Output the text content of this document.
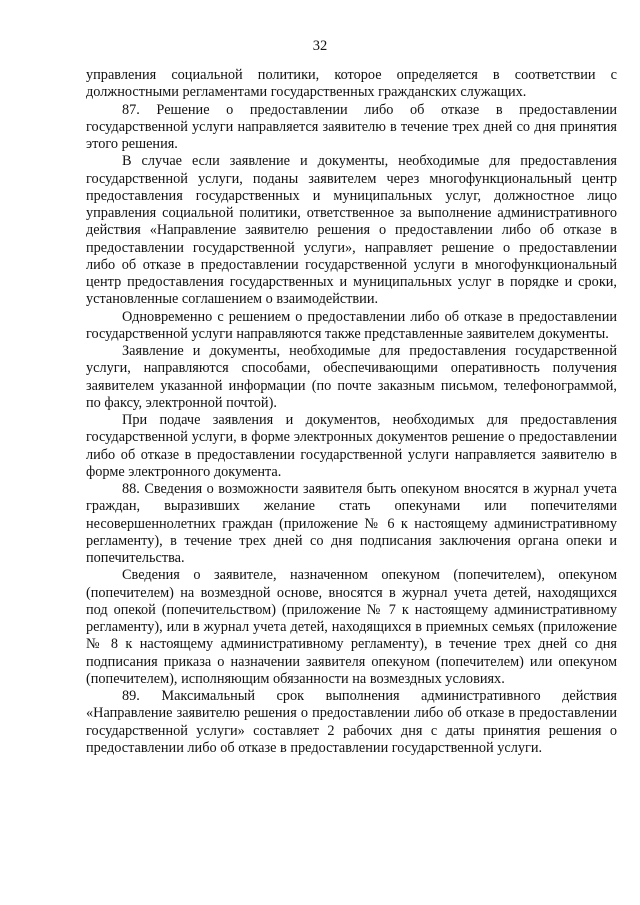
32

управления социальной политики, которое определяется в соответствии с должностными регламентами государственных гражданских служащих.

87. Решение о предоставлении либо об отказе в предоставлении государственной услуги направляется заявителю в течение трех дней со дня принятия этого решения.

В случае если заявление и документы, необходимые для предоставления государственной услуги, поданы заявителем через многофункциональный центр предоставления государственных и муниципальных услуг, должностное лицо управления социальной политики, ответственное за выполнение административного действия «Направление заявителю решения о предоставлении либо об отказе в предоставлении государственной услуги», направляет решение о предоставлении либо об отказе в предоставлении государственной услуги в многофункциональный центр предоставления государственных и муниципальных услуг в порядке и сроки, установленные соглашением о взаимодействии.

Одновременно с решением о предоставлении либо об отказе в предоставлении государственной услуги направляются также представленные заявителем документы.

Заявление и документы, необходимые для предоставления государственной услуги, направляются способами, обеспечивающими оперативность получения заявителем указанной информации (по почте заказным письмом, телефонограммой, по факсу, электронной почтой).

При подаче заявления и документов, необходимых для предоставления государственной услуги, в форме электронных документов решение о предоставлении либо об отказе в предоставлении государственной услуги направляется заявителю в форме электронного документа.

88. Сведения о возможности заявителя быть опекуном вносятся в журнал учета граждан, выразивших желание стать опекунами или попечителями несовершеннолетних граждан (приложение № 6 к настоящему административному регламенту), в течение трех дней со дня подписания заключения органа опеки и попечительства.

Сведения о заявителе, назначенном опекуном (попечителем), опекуном (попечителем) на возмездной основе, вносятся в журнал учета детей, находящихся под опекой (попечительством) (приложение № 7 к настоящему административному регламенту), или в журнал учета детей, находящихся в приемных семьях (приложение № 8 к настоящему административному регламенту), в течение трех дней со дня подписания приказа о назначении заявителя опекуном (попечителем) или опекуном (попечителем), исполняющим обязанности на возмездных условиях.

89. Максимальный срок выполнения административного действия «Направление заявителю решения о предоставлении либо об отказе в предоставлении государственной услуги» составляет 2 рабочих дня с даты принятия решения о предоставлении либо об отказе в предоставлении государственной услуги.
